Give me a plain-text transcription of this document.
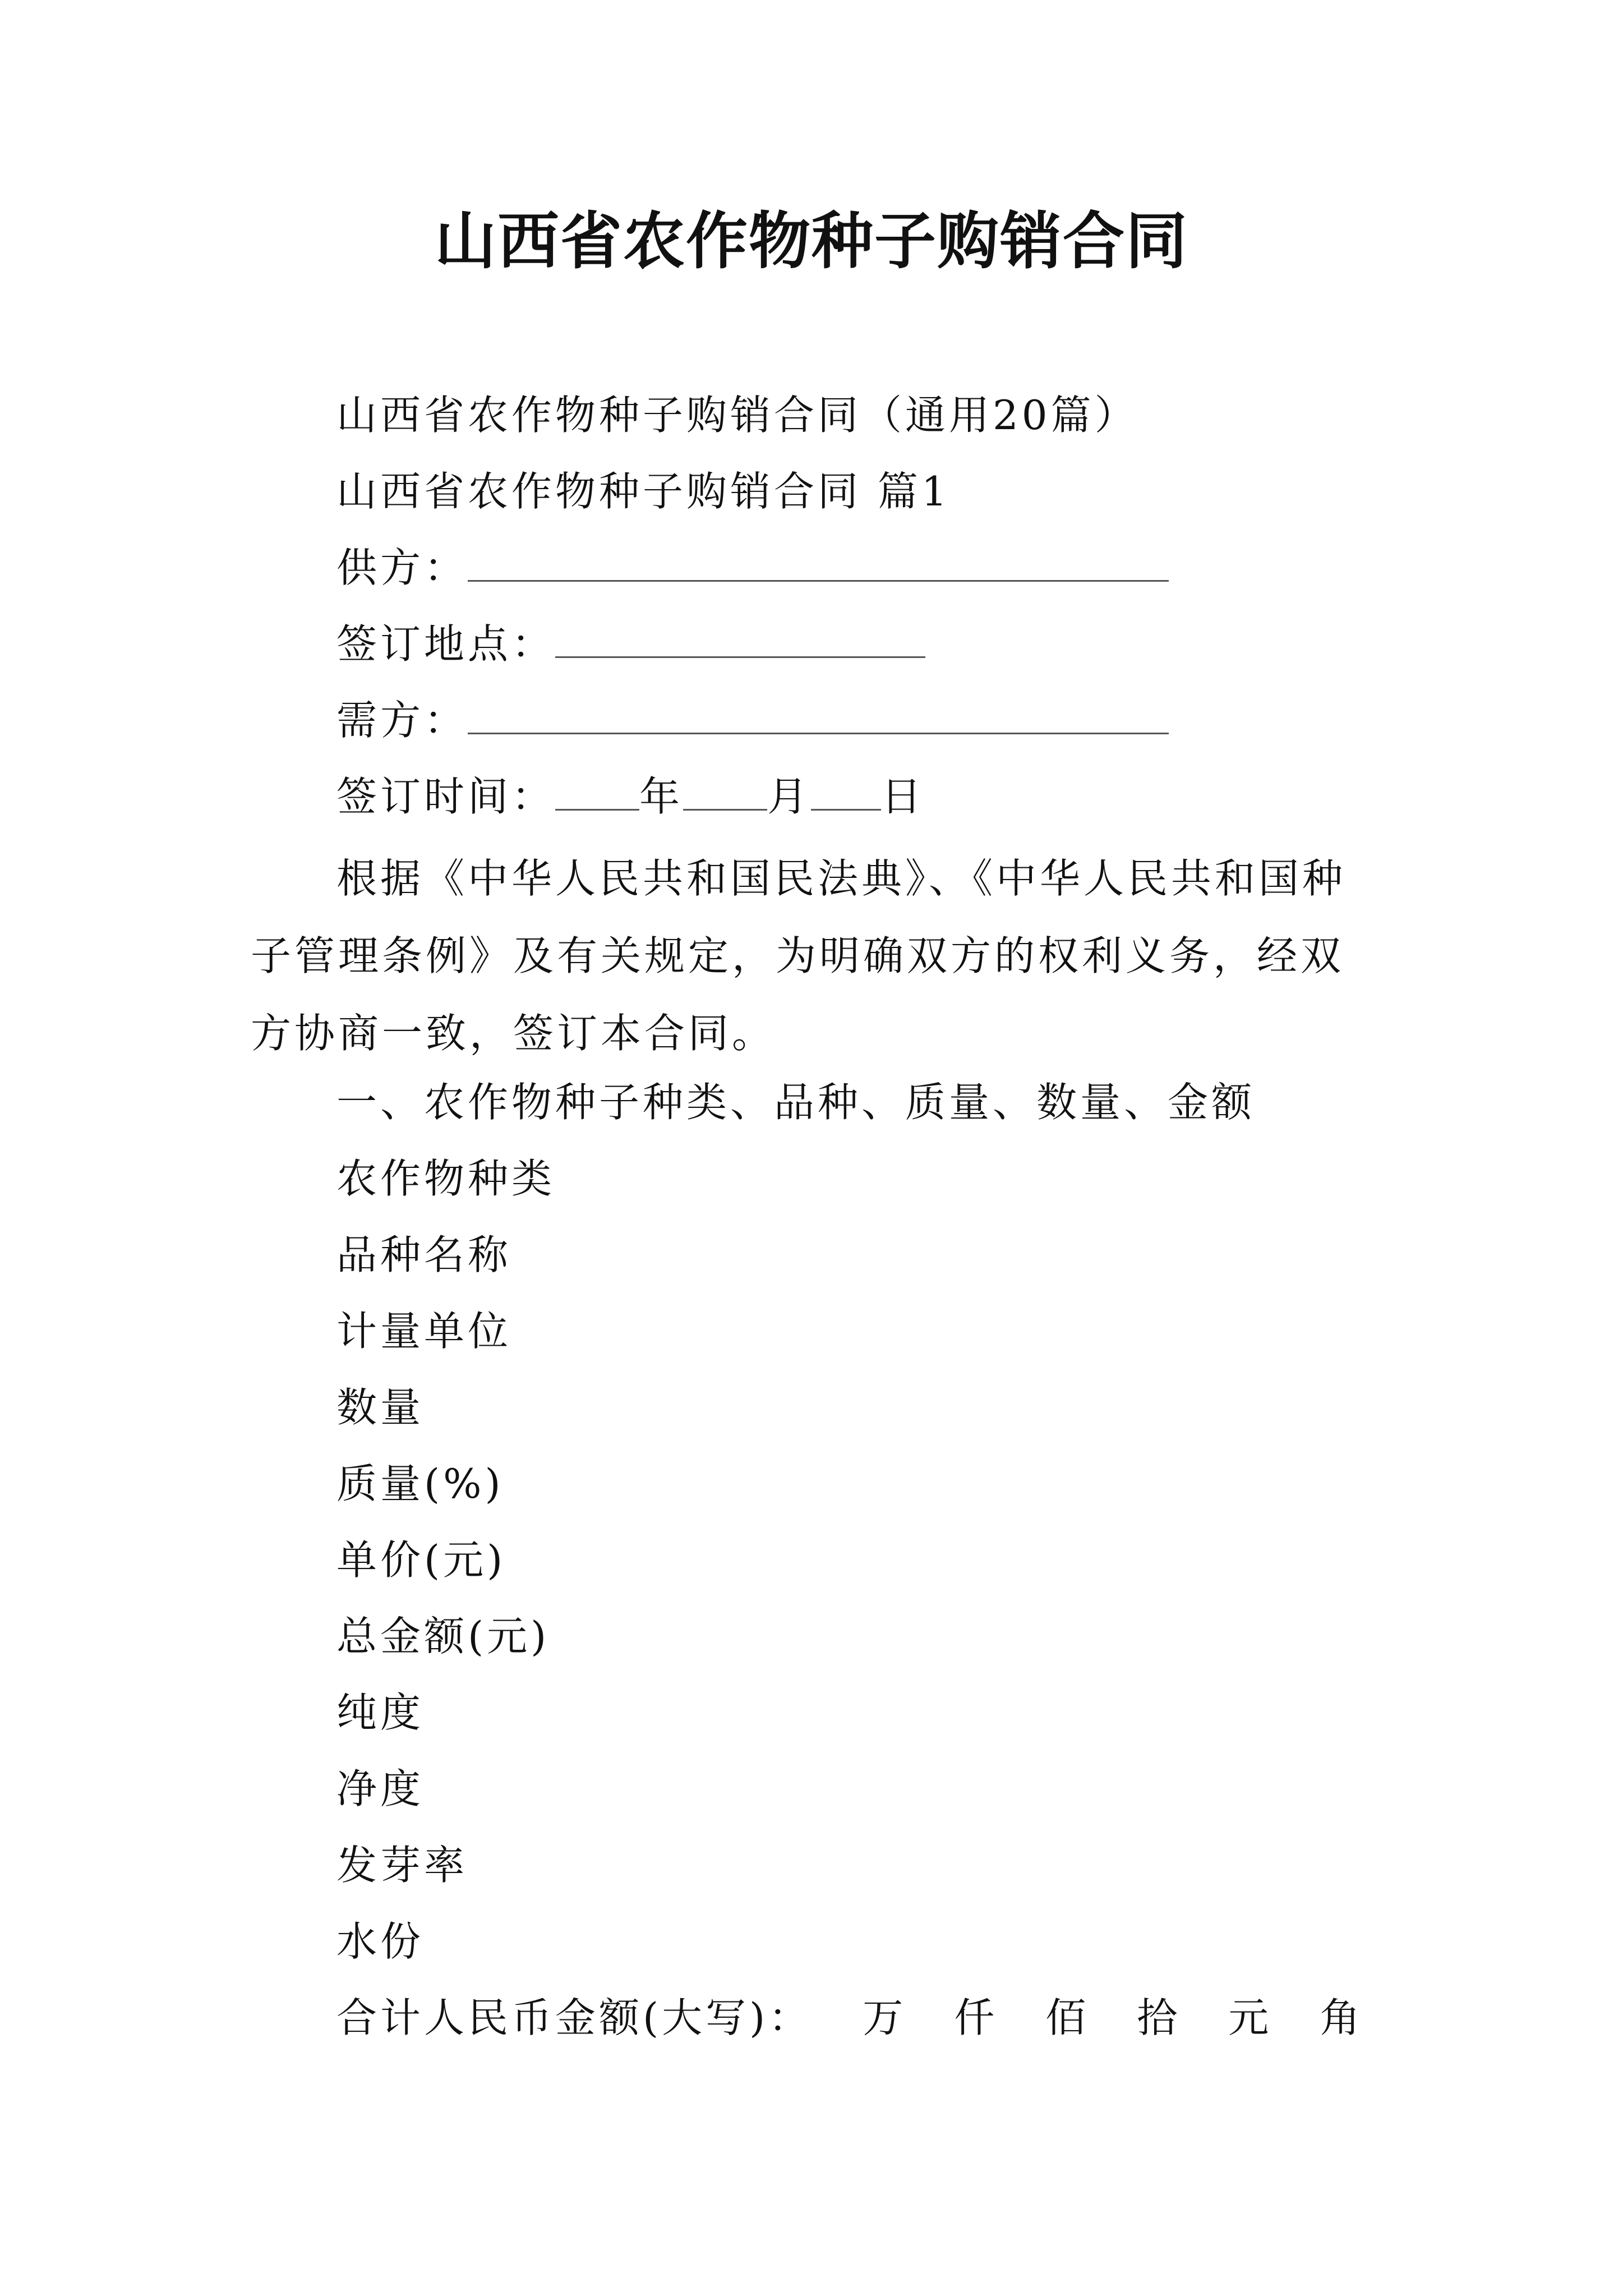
山西省农作物种子购销合同
山西省农作物种子购销合同（通用20篇）
山西省农作物种子购销合同 篇1
供方：
签订地点：
需方：
签订时间： 年 月 日
根据《中华人民共和国民法典》、《中华人民共和国种子管理条例》及有关规定，为明确双方的权利义务，经双方协商一致，签订本合同。
一、农作物种子种类、品种、质量、数量、金额
农作物种类
品种名称
计量单位
数量
质量(%)
单价(元)
总金额(元)
纯度
净度
发芽率
水份
合计人民币金额(大写)： 万 仟 佰 拾 元 角
